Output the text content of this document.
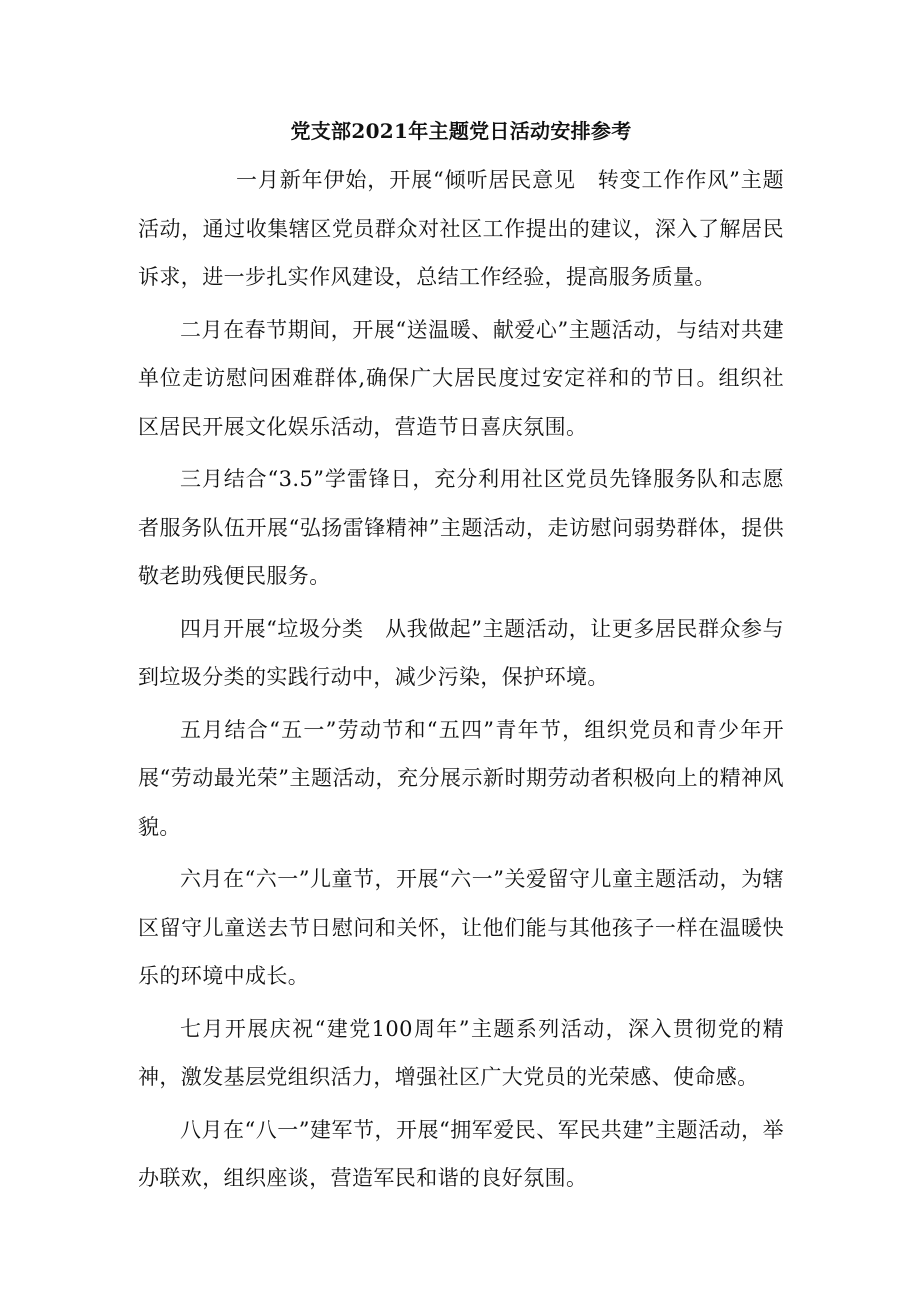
党支部2021年主题党日活动安排参考

一月新年伊始，开展“倾听居民意见　转变工作作风”主题活动，通过收集辖区党员群众对社区工作提出的建议，深入了解居民诉求，进一步扎实作风建设，总结工作经验，提高服务质量。

二月在春节期间，开展“送温暖、献爱心”主题活动，与结对共建单位走访慰问困难群体,确保广大居民度过安定祥和的节日。组织社区居民开展文化娱乐活动，营造节日喜庆氛围。

三月结合“3.5”学雷锋日，充分利用社区党员先锋服务队和志愿者服务队伍开展“弘扬雷锋精神”主题活动，走访慰问弱势群体，提供敬老助残便民服务。

四月开展“垃圾分类　从我做起”主题活动，让更多居民群众参与到垃圾分类的实践行动中，减少污染，保护环境。

五月结合“五一”劳动节和“五四”青年节，组织党员和青少年开展“劳动最光荣”主题活动，充分展示新时期劳动者积极向上的精神风貌。

六月在“六一”儿童节，开展“六一”关爱留守儿童主题活动，为辖区留守儿童送去节日慰问和关怀，让他们能与其他孩子一样在温暖快乐的环境中成长。

七月开展庆祝“建党100周年”主题系列活动，深入贯彻党的精神，激发基层党组织活力，增强社区广大党员的光荣感、使命感。

八月在“八一”建军节，开展“拥军爱民、军民共建”主题活动，举办联欢，组织座谈，营造军民和谐的良好氛围。
